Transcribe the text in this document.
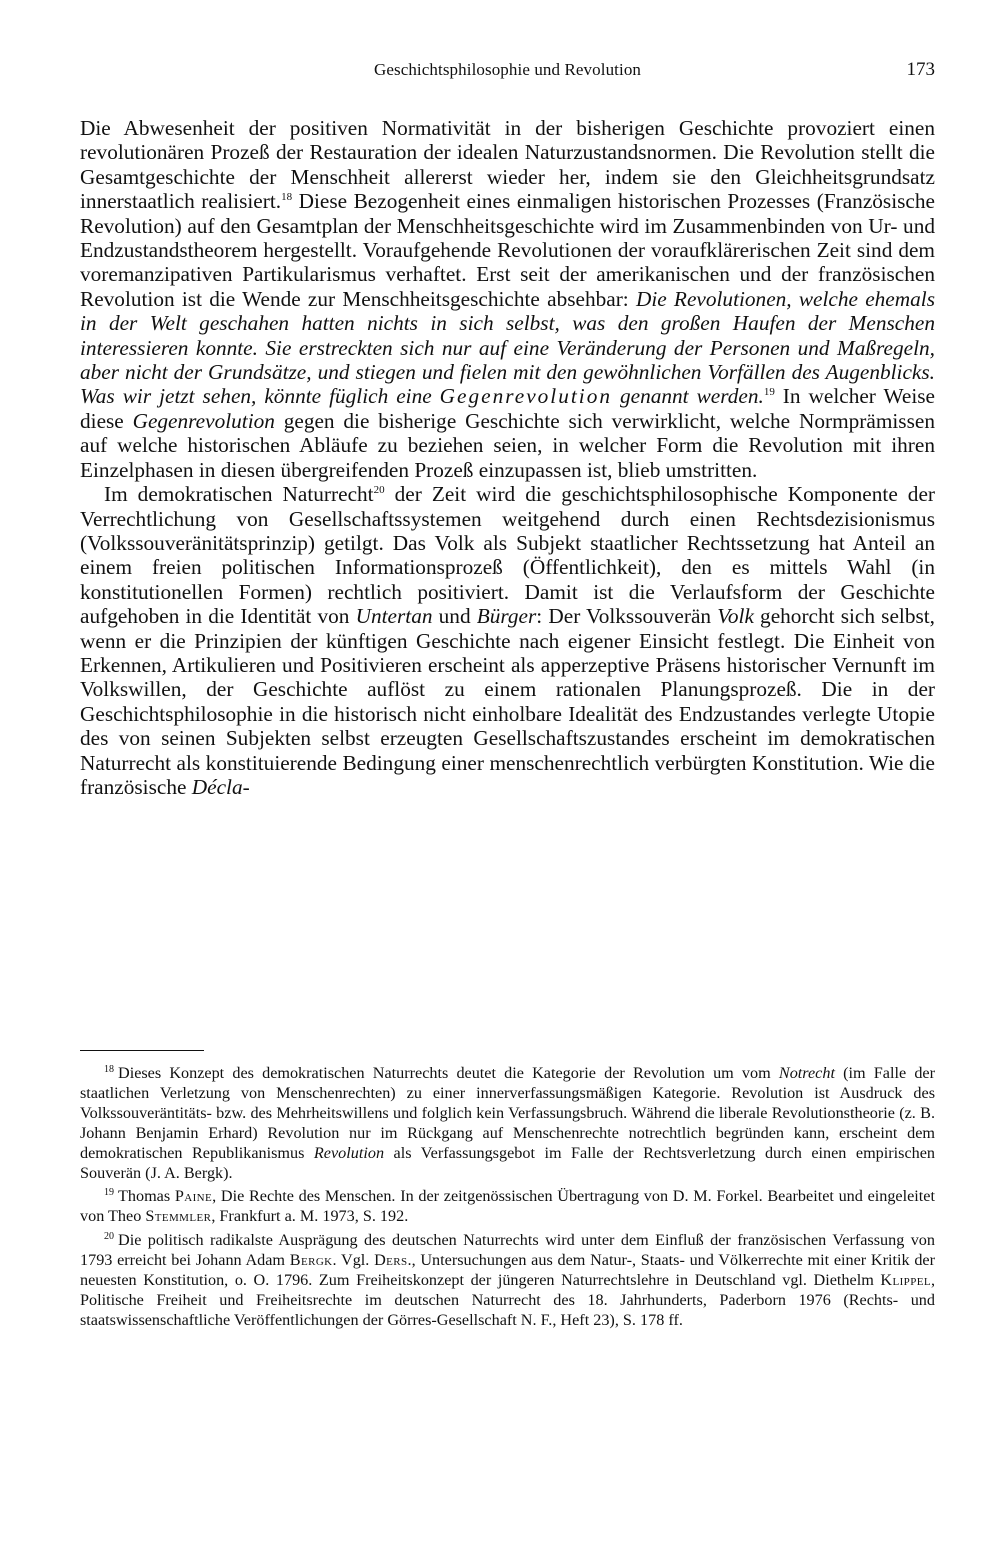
Geschichtsphilosophie und Revolution	173

Die Abwesenheit der positiven Normativität in der bisherigen Geschichte provoziert einen revolutionären Prozeß der Restauration der idealen Naturzustandsnormen. Die Revolution stellt die Gesamtgeschichte der Menschheit allererst wieder her, indem sie den Gleichheitsgrundsatz innerstaatlich realisiert.$^{18}$ Diese Bezogenheit eines einmaligen historischen Prozesses (Französische Revolution) auf den Gesamtplan der Menschheitsgeschichte wird im Zusammenbinden von Ur- und Endzustandstheorem hergestellt. Voraufgehende Revolutionen der voraufklärerischen Zeit sind dem voremanzipativen Partikularismus verhaftet. Erst seit der amerikanischen und der französischen Revolution ist die Wende zur Menschheitsgeschichte absehbar: Die Revolutionen, welche ehemals in der Welt geschahen hatten nichts in sich selbst, was den großen Haufen der Menschen interessieren konnte. Sie erstreckten sich nur auf eine Veränderung der Personen und Maßregeln, aber nicht der Grundsätze, und stiegen und fielen mit den gewöhnlichen Vorfällen des Augenblicks. Was wir jetzt sehen, könnte füglich eine Gegenrevolution genannt werden.$^{19}$ In welcher Weise diese Gegenrevolution gegen die bisherige Geschichte sich verwirklicht, welche Normprämissen auf welche historischen Abläufe zu beziehen seien, in welcher Form die Revolution mit ihren Einzelphasen in diesen übergreifenden Prozeß einzupassen ist, blieb umstritten.

Im demokratischen Naturrecht$^{20}$ der Zeit wird die geschichtsphilosophische Komponente der Verrechtlichung von Gesellschaftssystemen weitgehend durch einen Rechtsdezisionismus (Volkssouveränitätsprinzip) getilgt. Das Volk als Subjekt staatlicher Rechtssetzung hat Anteil an einem freien politischen Informationsprozeß (Öffentlichkeit), den es mittels Wahl (in konstitutionellen Formen) rechtlich positiviert. Damit ist die Verlaufsform der Geschichte aufgehoben in die Identität von Untertan und Bürger: Der Volkssouverän Volk gehorcht sich selbst, wenn er die Prinzipien der künftigen Geschichte nach eigener Einsicht festlegt. Die Einheit von Erkennen, Artikulieren und Positivieren erscheint als apperzeptive Präsens historischer Vernunft im Volkswillen, der Geschichte auflöst zu einem rationalen Planungsprozeß. Die in der Geschichtsphilosophie in die historisch nicht einholbare Idealität des Endzustandes verlegte Utopie des von seinen Subjekten selbst erzeugten Gesellschaftszustandes erscheint im demokratischen Naturrecht als konstituierende Bedingung einer menschenrechtlich verbürgten Konstitution. Wie die französische Décla-

$^{18}$ Dieses Konzept des demokratischen Naturrechts deutet die Kategorie der Revolution um vom Notrecht (im Falle der staatlichen Verletzung von Menschenrechten) zu einer innerverfassungsmäßigen Kategorie. Revolution ist Ausdruck des Volkssouveräntitäts- bzw. des Mehrheitswillens und folglich kein Verfassungsbruch. Während die liberale Revolutionstheorie (z. B. Johann Benjamin Erhard) Revolution nur im Rückgang auf Menschenrechte notrechtlich begründen kann, erscheint dem demokratischen Republikanismus Revolution als Verfassungsgebot im Falle der Rechtsverletzung durch einen empirischen Souverän (J. A. Bergk).

$^{19}$ Thomas Paine, Die Rechte des Menschen. In der zeitgenössischen Übertragung von D. M. Forkel. Bearbeitet und eingeleitet von Theo Stemmler, Frankfurt a. M. 1973, S. 192.

$^{20}$ Die politisch radikalste Ausprägung des deutschen Naturrechts wird unter dem Einfluß der französischen Verfassung von 1793 erreicht bei Johann Adam Bergk. Vgl. Ders., Untersuchungen aus dem Natur-, Staats- und Völkerrechte mit einer Kritik der neuesten Konstitution, o. O. 1796. Zum Freiheitskonzept der jüngeren Naturrechtslehre in Deutschland vgl. Diethelm Klippel, Politische Freiheit und Freiheitsrechte im deutschen Naturrecht des 18. Jahrhunderts, Paderborn 1976 (Rechts- und staatswissenschaftliche Veröffentlichungen der Görres-Gesellschaft N. F., Heft 23), S. 178 ff.
